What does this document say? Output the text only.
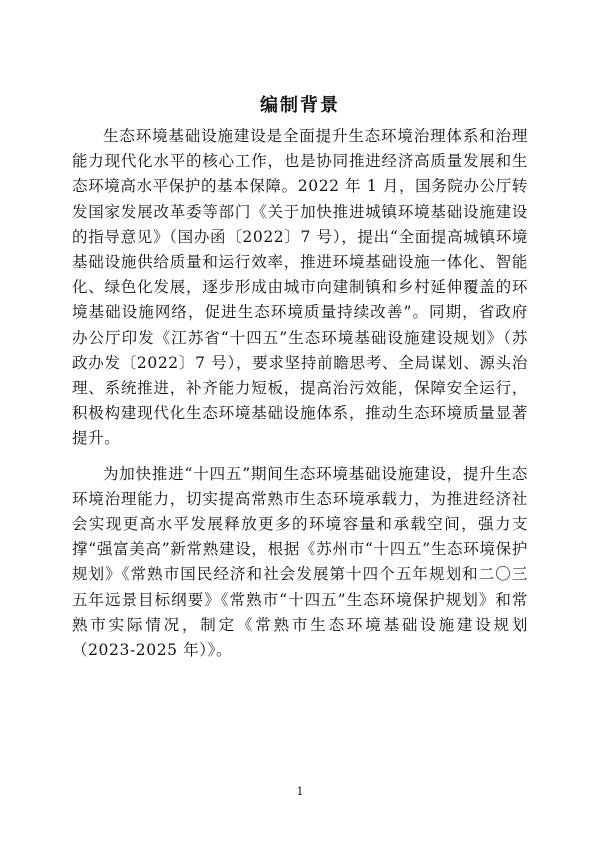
编制背景

生态环境基础设施建设是全面提升生态环境治理体系和治理能力现代化水平的核心工作，也是协同推进经济高质量发展和生态环境高水平保护的基本保障。2022 年 1 月，国务院办公厅转发国家发展改革委等部门《关于加快推进城镇环境基础设施建设的指导意见》（国办函〔2022〕7 号），提出“全面提高城镇环境基础设施供给质量和运行效率，推进环境基础设施一体化、智能化、绿色化发展，逐步形成由城市向建制镇和乡村延伸覆盖的环境基础设施网络，促进生态环境质量持续改善”。同期，省政府办公厅印发《江苏省“十四五”生态环境基础设施建设规划》（苏政办发〔2022〕7 号），要求坚持前瞻思考、全局谋划、源头治理、系统推进，补齐能力短板，提高治污效能，保障安全运行，积极构建现代化生态环境基础设施体系，推动生态环境质量显著提升。

为加快推进“十四五”期间生态环境基础设施建设，提升生态环境治理能力，切实提高常熟市生态环境承载力，为推进经济社会实现更高水平发展释放更多的环境容量和承载空间，强力支撑“强富美高”新常熟建设，根据《苏州市“十四五”生态环境保护规划》《常熟市国民经济和社会发展第十四个五年规划和二〇三五年远景目标纲要》《常熟市“十四五”生态环境保护规划》和常熟市实际情况，制定《常熟市生态环境基础设施建设规划（2023-2025 年）》。

1
